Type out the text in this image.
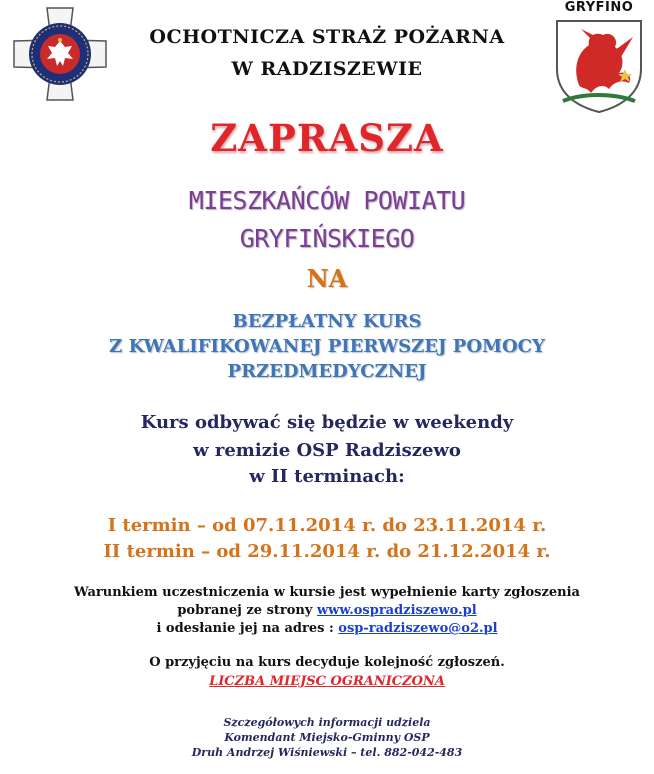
GRYFINO
OCHOTNICZA STRAŻ POŻARNA
W RADZISZEWIE
ZAPRASZA
MIESZKAŃCÓW POWIATU
GRYFIŃSKIEGO
NA
BEZPŁATNY KURS
Z KWALIFIKOWANEJ PIERWSZEJ POMOCY
PRZEDMEDYCZNEJ
Kurs odbywać się będzie w weekendy
w remizie OSP Radziszewo
w II terminach:
I termin – od 07.11.2014 r. do 23.11.2014 r.
II termin – od 29.11.2014 r. do 21.12.2014 r.
Warunkiem uczestniczenia w kursie jest wypełnienie karty zgłoszenia
pobranej ze strony www.ospradziszewo.pl
i odesłanie jej na adres : osp-radziszewo@o2.pl
O przyjęciu na kurs decyduje kolejność zgłoszeń.
LICZBA MIEJSC OGRANICZONA
Szczegółowych informacji udziela
Komendant Miejsko-Gminny OSP
Druh Andrzej Wiśniewski – tel. 882-042-483
